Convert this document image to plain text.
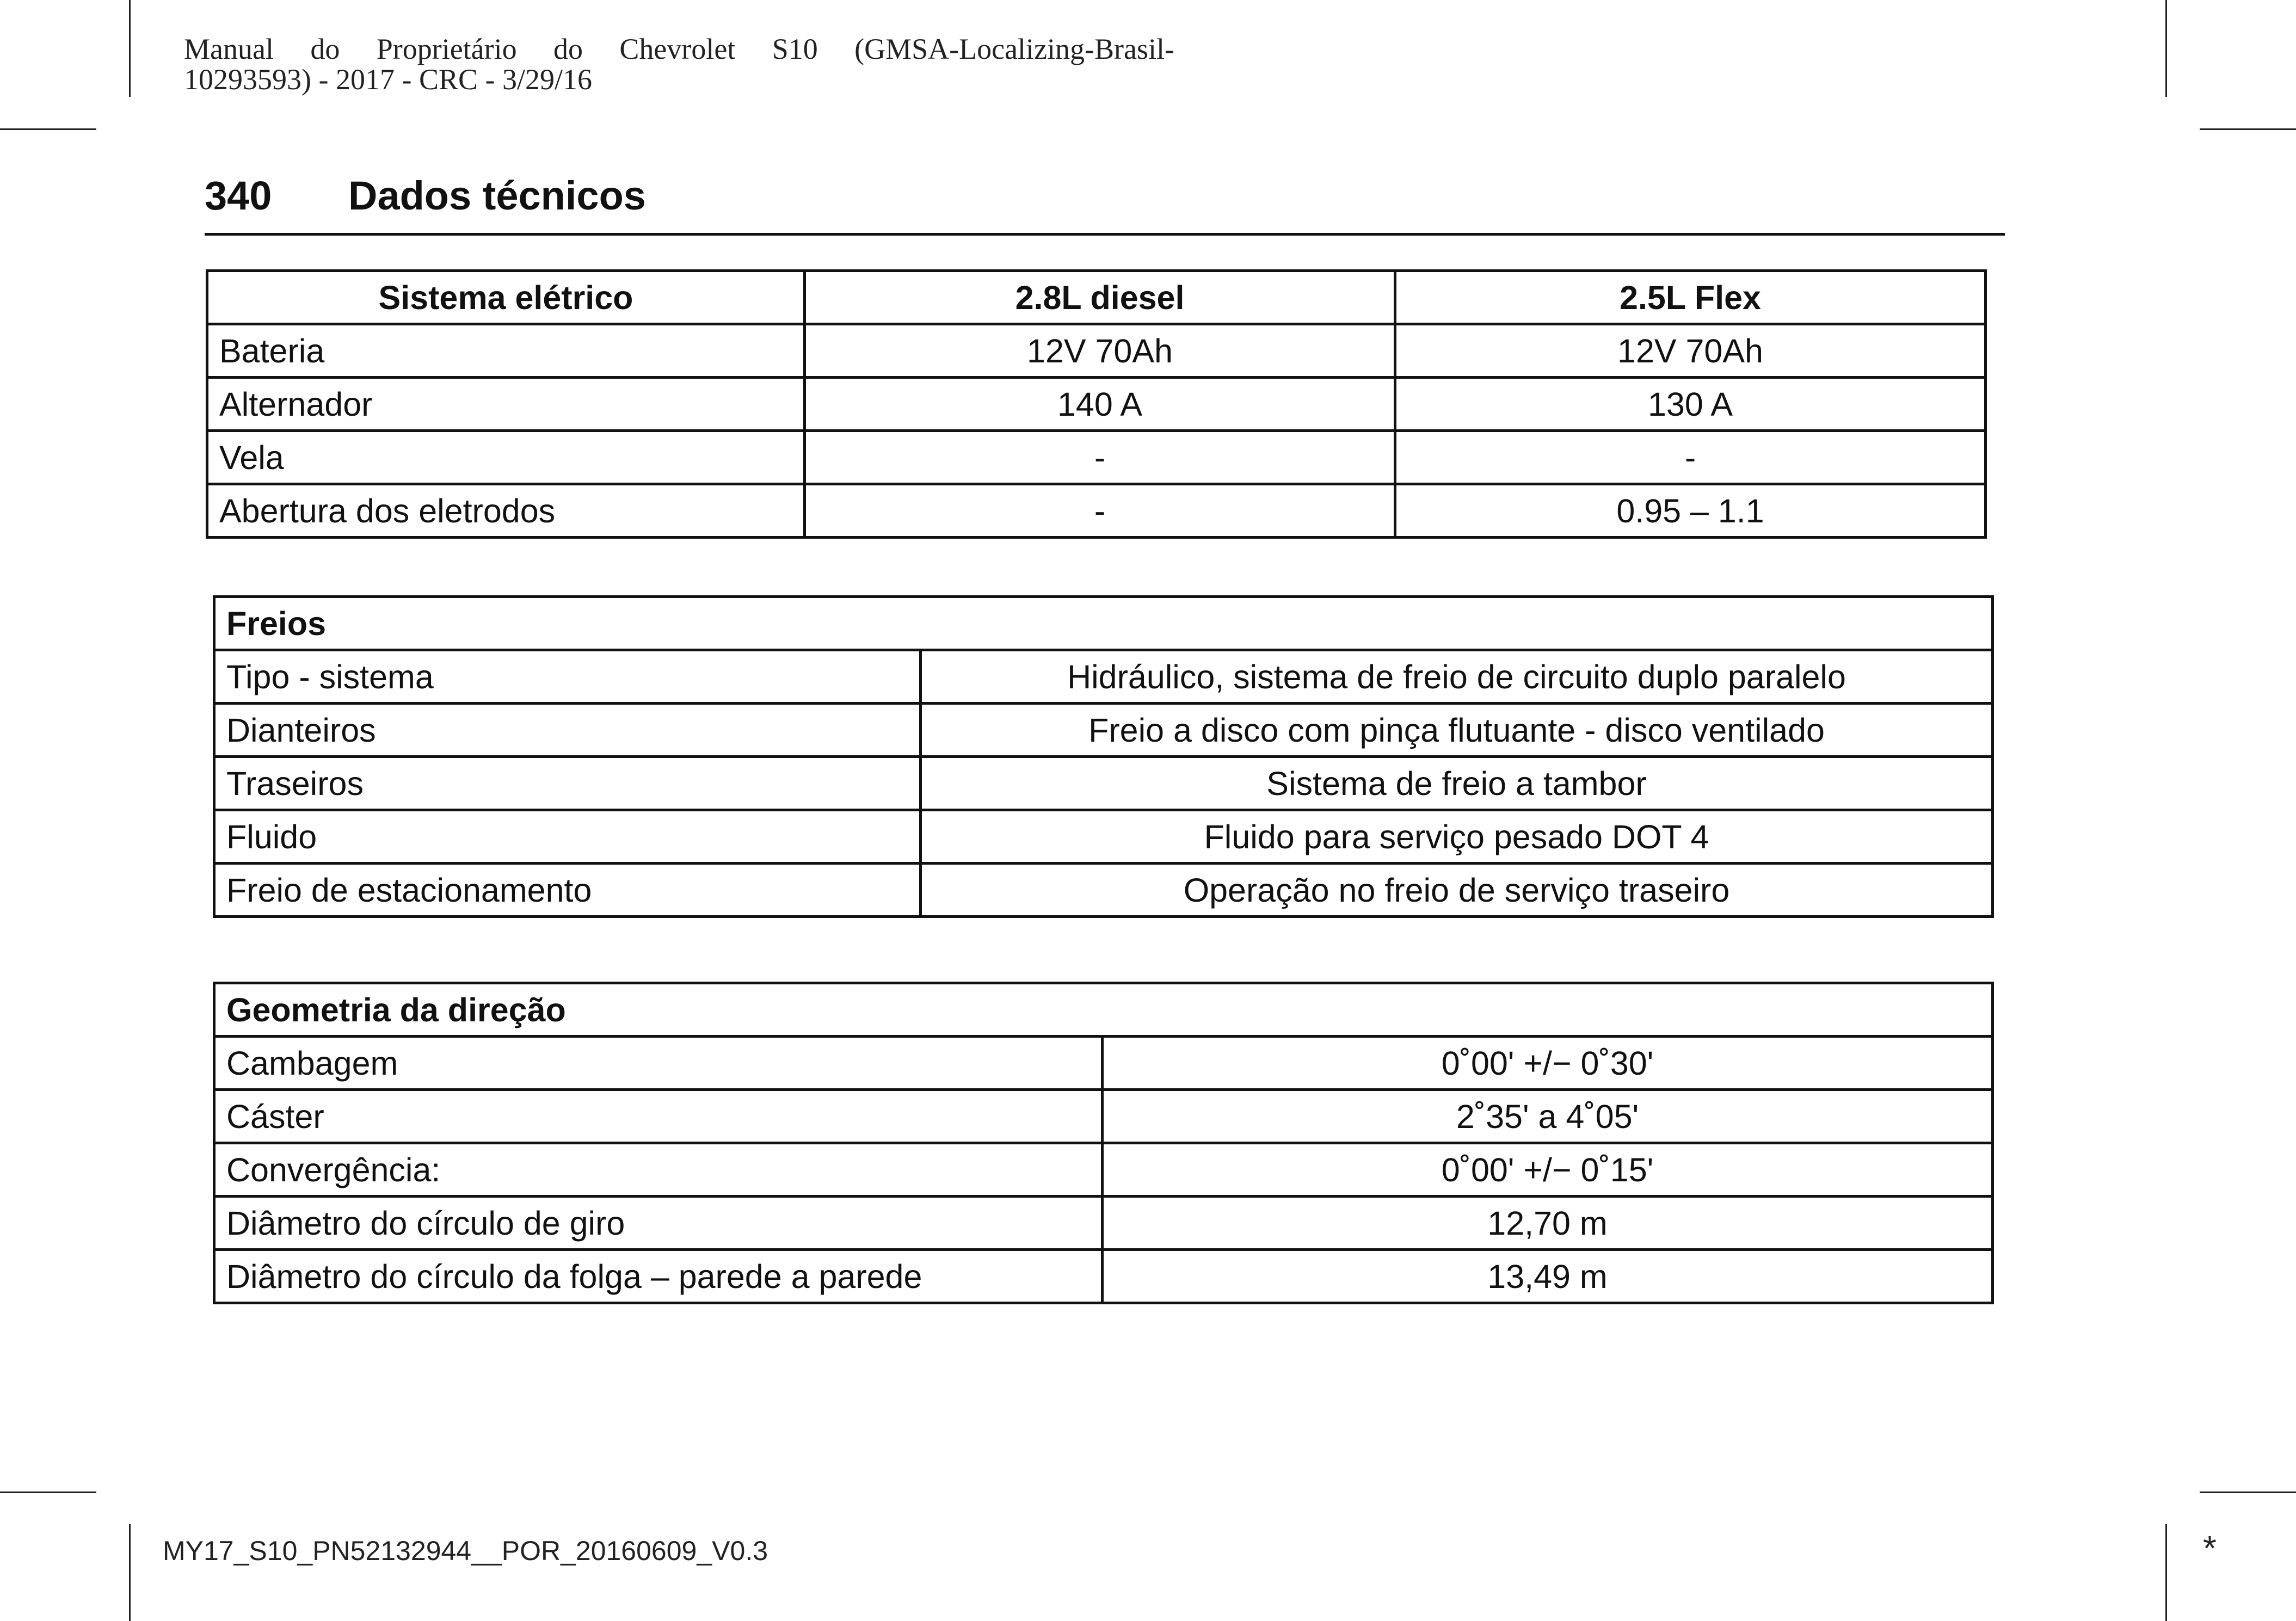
Manual do Proprietário do Chevrolet S10 (GMSA-Localizing-Brasil-
10293593) - 2017 - CRC - 3/29/16
340 Dados técnicos
Sistema elétrico	2.8L diesel	2.5L Flex
Bateria	12V 70Ah	12V 70Ah
Alternador	140 A	130 A
Vela	-	-
Abertura dos eletrodos	-	0.95 – 1.1
Freios	
Tipo - sistema	Hidráulico, sistema de freio de circuito duplo paralelo
Dianteiros	Freio a disco com pinça flutuante - disco ventilado
Traseiros	Sistema de freio a tambor
Fluido	Fluido para serviço pesado DOT 4
Freio de estacionamento	Operação no freio de serviço traseiro
Geometria da direção	
Cambagem	0˚00' +/− 0˚30'
Cáster	2˚35' a 4˚05'
Convergência:	0˚00' +/− 0˚15'
Diâmetro do círculo de giro	12,70 m
Diâmetro do círculo da folga – parede a parede	13,49 m
MY17_S10_PN52132944__POR_20160609_V0.3	*
